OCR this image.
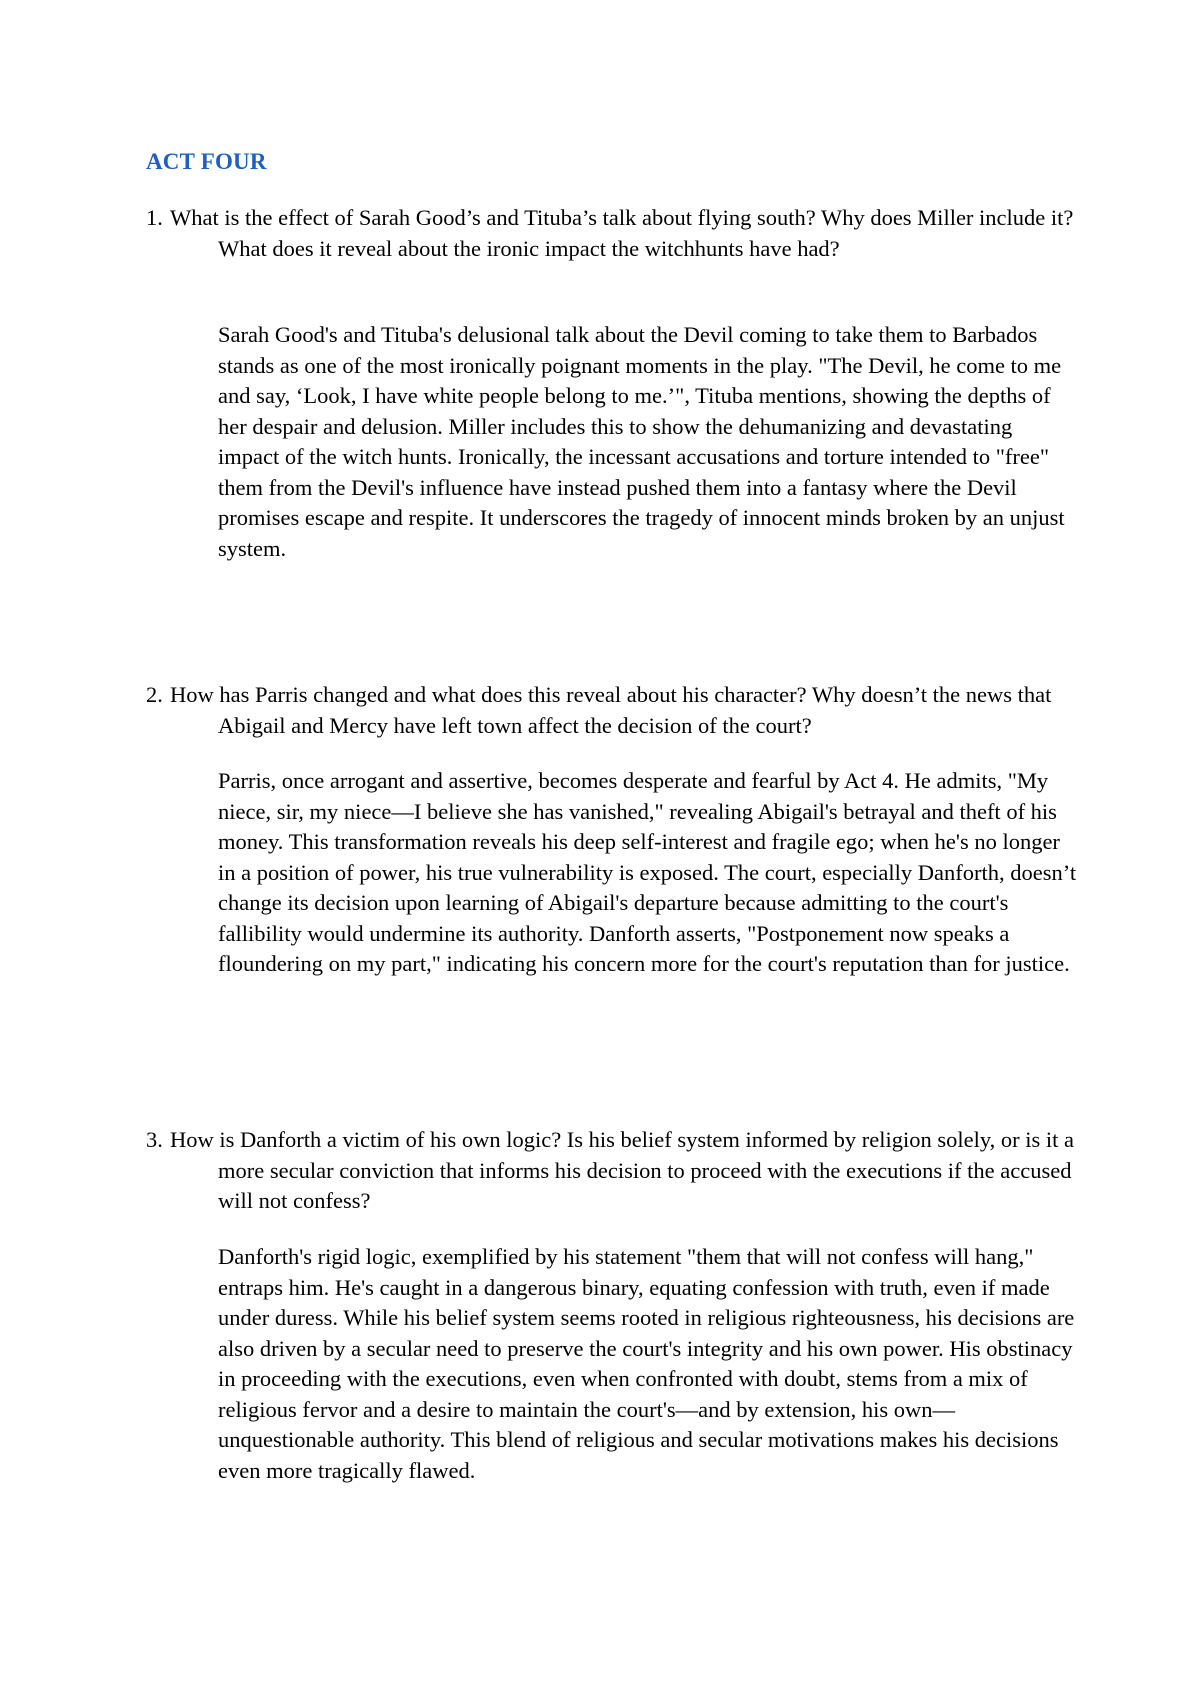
ACT FOUR
1. What is the effect of Sarah Good’s and Tituba’s talk about flying south? Why does Miller include it? What does it reveal about the ironic impact the witchhunts have had?
Sarah Good's and Tituba's delusional talk about the Devil coming to take them to Barbados stands as one of the most ironically poignant moments in the play. "The Devil, he come to me and say, ‘Look, I have white people belong to me.’", Tituba mentions, showing the depths of her despair and delusion. Miller includes this to show the dehumanizing and devastating impact of the witch hunts. Ironically, the incessant accusations and torture intended to "free" them from the Devil's influence have instead pushed them into a fantasy where the Devil promises escape and respite. It underscores the tragedy of innocent minds broken by an unjust system.
2. How has Parris changed and what does this reveal about his character? Why doesn’t the news that Abigail and Mercy have left town affect the decision of the court?
Parris, once arrogant and assertive, becomes desperate and fearful by Act 4. He admits, "My niece, sir, my niece—I believe she has vanished," revealing Abigail's betrayal and theft of his money. This transformation reveals his deep self-interest and fragile ego; when he's no longer in a position of power, his true vulnerability is exposed. The court, especially Danforth, doesn’t change its decision upon learning of Abigail's departure because admitting to the court's fallibility would undermine its authority. Danforth asserts, "Postponement now speaks a floundering on my part," indicating his concern more for the court's reputation than for justice.
3. How is Danforth a victim of his own logic? Is his belief system informed by religion solely, or is it a more secular conviction that informs his decision to proceed with the executions if the accused will not confess?
Danforth's rigid logic, exemplified by his statement "them that will not confess will hang," entraps him. He's caught in a dangerous binary, equating confession with truth, even if made under duress. While his belief system seems rooted in religious righteousness, his decisions are also driven by a secular need to preserve the court's integrity and his own power. His obstinacy in proceeding with the executions, even when confronted with doubt, stems from a mix of religious fervor and a desire to maintain the court's—and by extension, his own—unquestionable authority. This blend of religious and secular motivations makes his decisions even more tragically flawed.
